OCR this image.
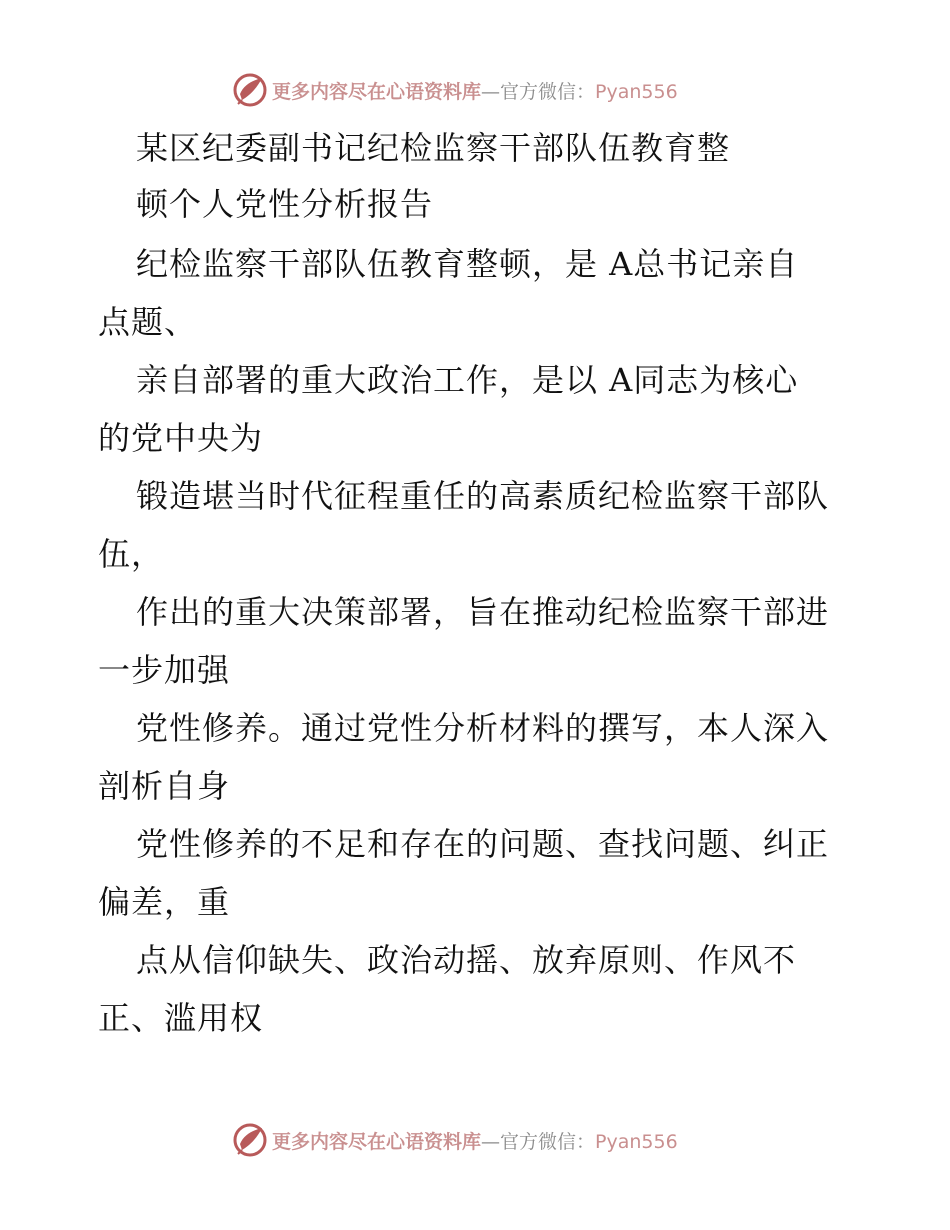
更多内容尽在心语资料库—官方微信：Pyan556
某区纪委副书记纪检监察干部队伍教育整
顿个人党性分析报告
纪检监察干部队伍教育整顿，是 A总书记亲自
点题、
亲自部署的重大政治工作，是以 A同志为核心
的党中央为
锻造堪当时代征程重任的高素质纪检监察干部队
伍，
作出的重大决策部署，旨在推动纪检监察干部进
一步加强
党性修养。通过党性分析材料的撰写，本人深入
剖析自身
党性修养的不足和存在的问题、查找问题、纠正
偏差，重
点从信仰缺失、政治动摇、放弃原则、作风不
正、滥用权
更多内容尽在心语资料库—官方微信：Pyan556
